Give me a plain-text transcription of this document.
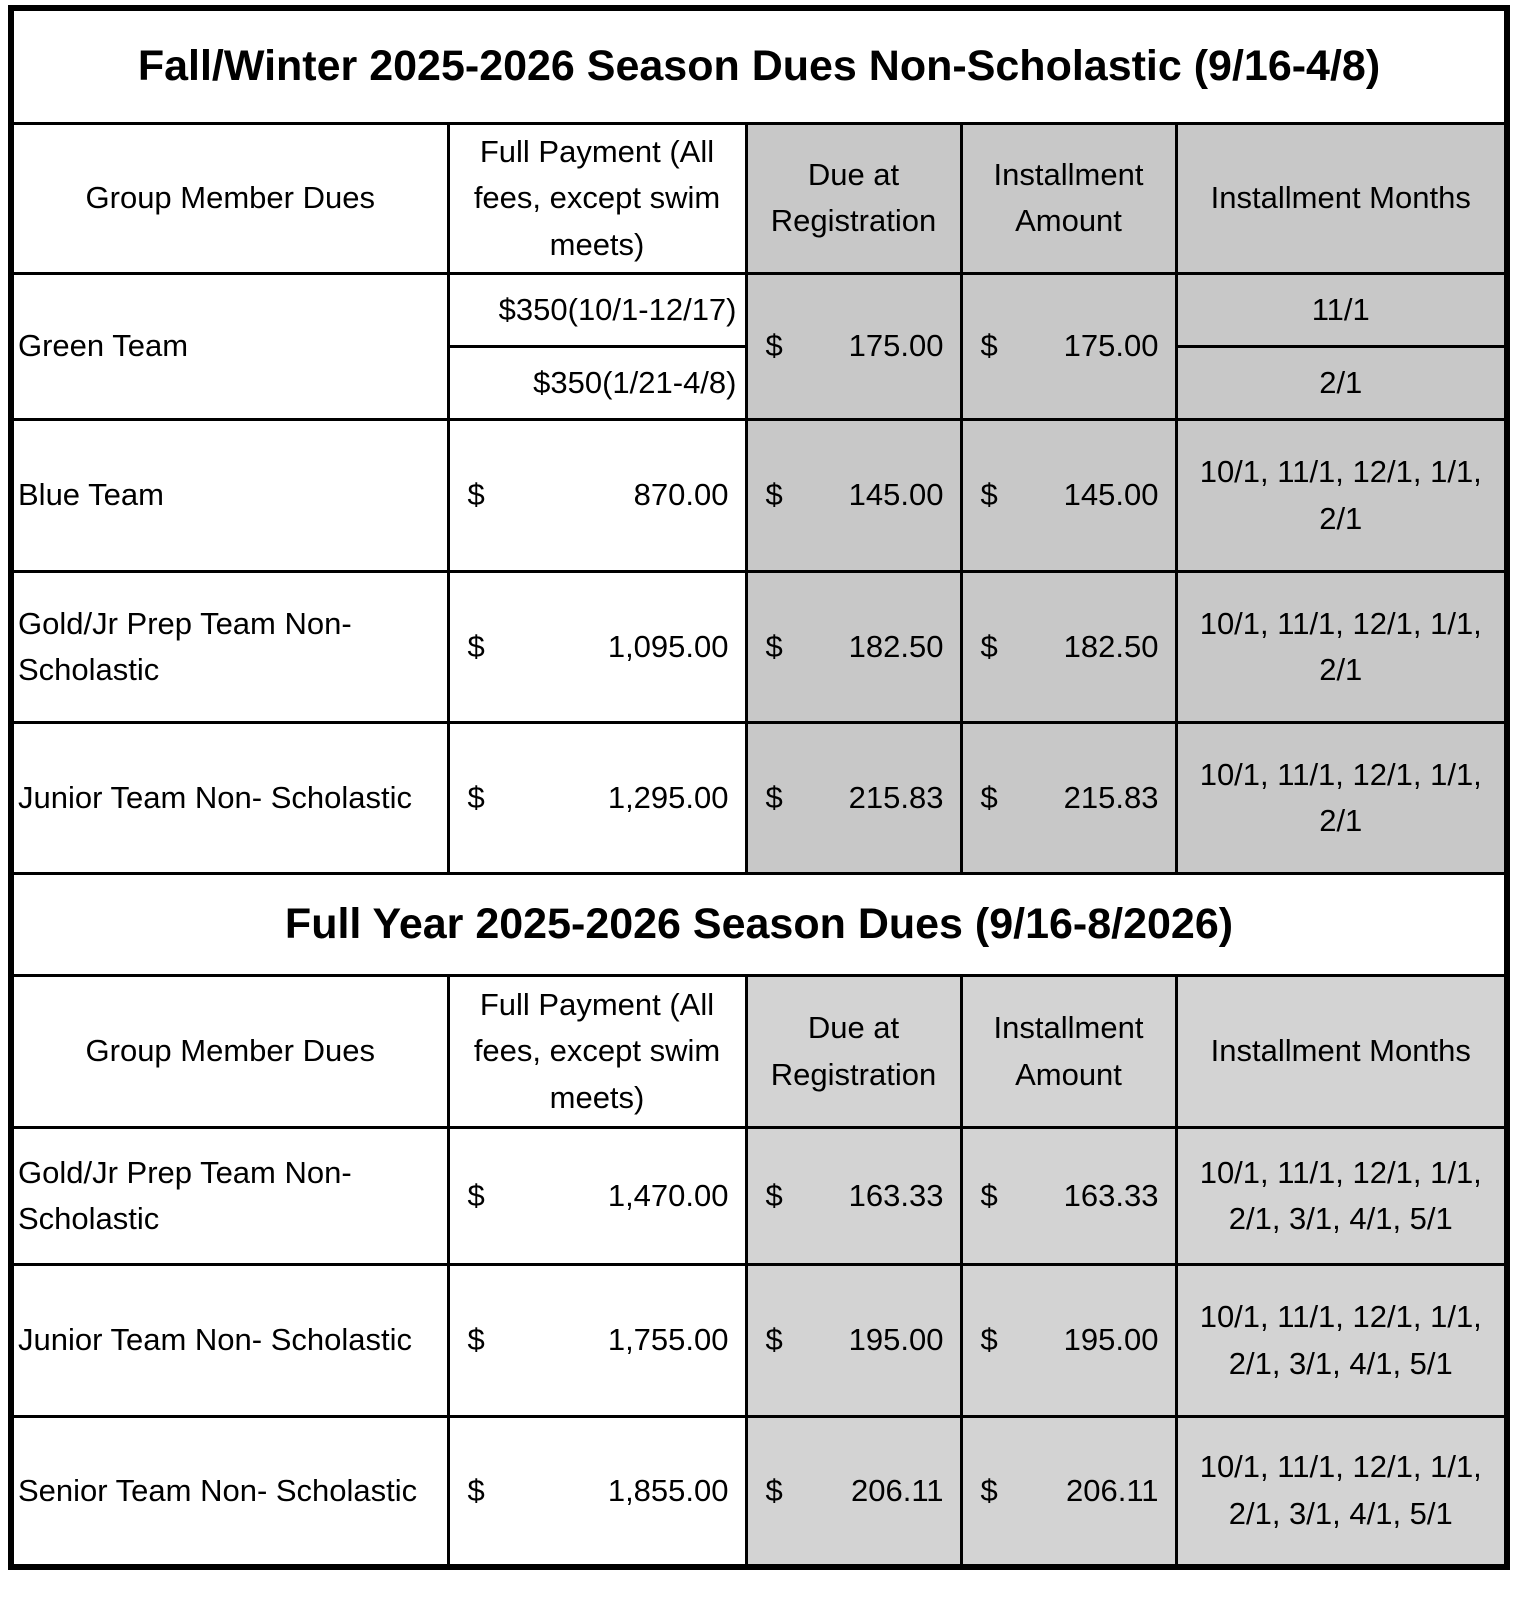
Fall/Winter 2025-2026 Season Dues Non-Scholastic (9/16-4/8)				
Group Member Dues	Full Payment (All fees, except swim meets)	Due at Registration	Installment Amount	Installment Months
Green Team	$350(10/1-12/17)	$ 175.00	$ 175.00	11/1
	$350(1/21-4/8)			2/1
Blue Team	$ 870.00	$ 145.00	$ 145.00	10/1, 11/1, 12/1, 1/1, 2/1
Gold/Jr Prep Team Non-Scholastic	$ 1,095.00	$ 182.50	$ 182.50	10/1, 11/1, 12/1, 1/1, 2/1
Junior Team Non- Scholastic	$ 1,295.00	$ 215.83	$ 215.83	10/1, 11/1, 12/1, 1/1, 2/1
Full Year 2025-2026 Season Dues (9/16-8/2026)				
Group Member Dues	Full Payment (All fees, except swim meets)	Due at Registration	Installment Amount	Installment Months
Gold/Jr Prep Team Non-Scholastic	$ 1,470.00	$ 163.33	$ 163.33	10/1, 11/1, 12/1, 1/1, 2/1, 3/1, 4/1, 5/1
Junior Team Non- Scholastic	$ 1,755.00	$ 195.00	$ 195.00	10/1, 11/1, 12/1, 1/1, 2/1, 3/1, 4/1, 5/1
Senior Team Non- Scholastic	$ 1,855.00	$ 206.11	$ 206.11	10/1, 11/1, 12/1, 1/1, 2/1, 3/1, 4/1, 5/1
